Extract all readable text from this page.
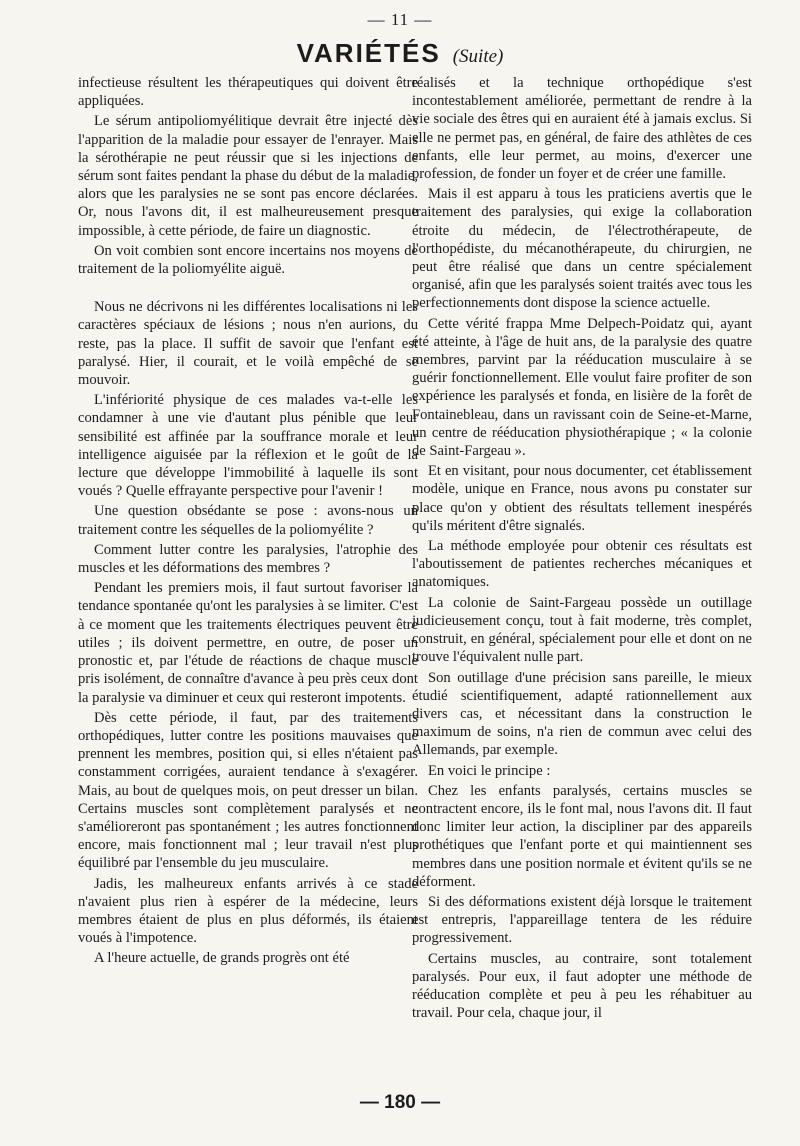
— 11 —
VARIÉTÉS (Suite)

infectieuse résultent les thérapeutiques qui doivent être appliquées.

Le sérum antipoliomyélitique devrait être injecté dès l'apparition de la maladie pour essayer de l'enrayer. Mais la sérothérapie ne peut réussir que si les injections de sérum sont faites pendant la phase du début de la maladie, alors que les paralysies ne se sont pas encore déclarées. Or, nous l'avons dit, il est malheureusement presque impossible, à cette période, de faire un diagnostic.

On voit combien sont encore incertains nos moyens de traitement de la poliomyélite aiguë.

Nous ne décrivons ni les différentes localisations ni les caractères spéciaux de lésions ; nous n'en aurions, du reste, pas la place. Il suffit de savoir que l'enfant est paralysé. Hier, il courait, et le voilà empêché de se mouvoir.

L'infériorité physique de ces malades va-t-elle les condamner à une vie d'autant plus pénible que leur sensibilité est affinée par la souffrance morale et leur intelligence aiguisée par la réflexion et le goût de la lecture que développe l'immobilité à laquelle ils sont voués ? Quelle effrayante perspective pour l'avenir !

Une question obsédante se pose : avons-nous un traitement contre les séquelles de la poliomyélite ?

Comment lutter contre les paralysies, l'atrophie des muscles et les déformations des membres ?

Pendant les premiers mois, il faut surtout favoriser la tendance spontanée qu'ont les paralysies à se limiter. C'est à ce moment que les traitements électriques peuvent être utiles ; ils doivent permettre, en outre, de poser un pronostic et, par l'étude de réactions de chaque muscle pris isolément, de connaître d'avance à peu près ceux dont la paralysie va diminuer et ceux qui resteront impotents.

Dès cette période, il faut, par des traitements orthopédiques, lutter contre les positions mauvaises que prennent les membres, position qui, si elles n'étaient pas constamment corrigées, auraient tendance à s'exagérer. Mais, au bout de quelques mois, on peut dresser un bilan. Certains muscles sont complètement paralysés et ne s'amélioreront pas spontanément ; les autres fonctionnent encore, mais fonctionnent mal ; leur travail n'est plus équilibré par l'ensemble du jeu musculaire.

Jadis, les malheureux enfants arrivés à ce stade n'avaient plus rien à espérer de la médecine, leurs membres étaient de plus en plus déformés, ils étaient voués à l'impotence.

A l'heure actuelle, de grands progrès ont été

réalisés et la technique orthopédique s'est incontestablement améliorée, permettant de rendre à la vie sociale des êtres qui en auraient été à jamais exclus. Si elle ne permet pas, en général, de faire des athlètes de ces enfants, elle leur permet, au moins, d'exercer une profession, de fonder un foyer et de créer une famille.

Mais il est apparu à tous les praticiens avertis que le traitement des paralysies, qui exige la collaboration étroite du médecin, de l'électrothérapeute, de l'orthopédiste, du mécanothérapeute, du chirurgien, ne peut être réalisé que dans un centre spécialement organisé, afin que les paralysés soient traités avec tous les perfectionnements dont dispose la science actuelle.

Cette vérité frappa Mme Delpech-Poidatz qui, ayant été atteinte, à l'âge de huit ans, de la paralysie des quatre membres, parvint par la rééducation musculaire à se guérir fonctionnellement. Elle voulut faire profiter de son expérience les paralysés et fonda, en lisière de la forêt de Fontainebleau, dans un ravissant coin de Seine-et-Marne, un centre de rééducation physiothérapique ; « la colonie de Saint-Fargeau ».

Et en visitant, pour nous documenter, cet établissement modèle, unique en France, nous avons pu constater sur place qu'on y obtient des résultats tellement inespérés qu'ils méritent d'être signalés.

La méthode employée pour obtenir ces résultats est l'aboutissement de patientes recherches mécaniques et anatomiques.

La colonie de Saint-Fargeau possède un outillage judicieusement conçu, tout à fait moderne, très complet, construit, en général, spécialement pour elle et dont on ne trouve l'équivalent nulle part.

Son outillage d'une précision sans pareille, le mieux étudié scientifiquement, adapté rationnellement aux divers cas, et nécessitant dans la construction le maximum de soins, n'a rien de commun avec celui des Allemands, par exemple.

En voici le principe :

Chez les enfants paralysés, certains muscles se contractent encore, ils le font mal, nous l'avons dit. Il faut donc limiter leur action, la discipliner par des appareils prothétiques que l'enfant porte et qui maintiennent ses membres dans une position normale et évitent qu'ils se ne déforment.

Si des déformations existent déjà lorsque le traitement est entrepris, l'appareillage tentera de les réduire progressivement.

Certains muscles, au contraire, sont totalement paralysés. Pour eux, il faut adopter une méthode de rééducation complète et peu à peu les réhabituer au travail. Pour cela, chaque jour, il

— 180 —
